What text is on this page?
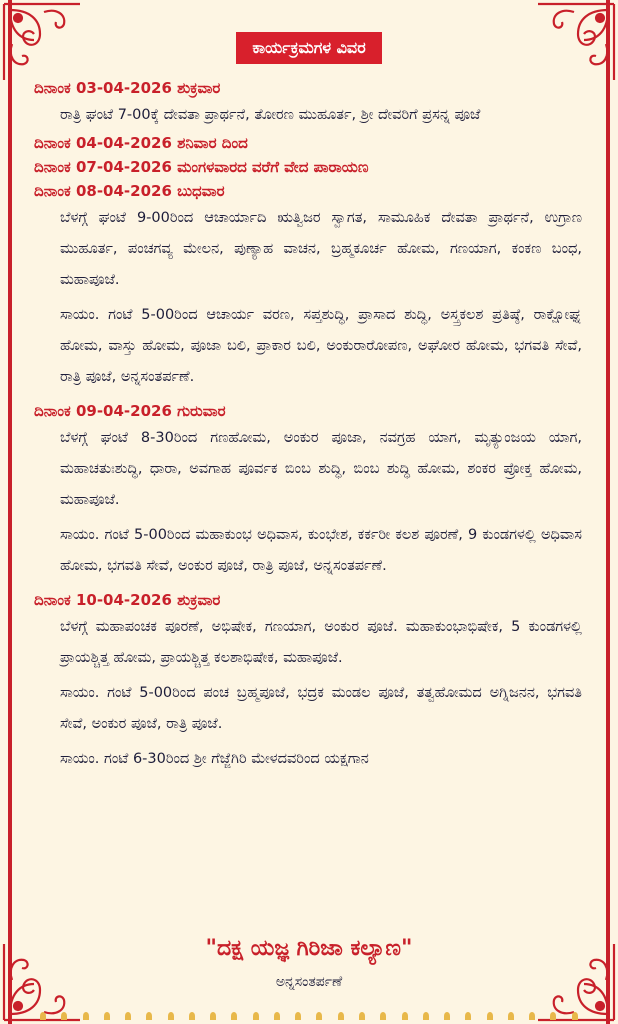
ಕಾರ್ಯಕ್ರಮಗಳ ವಿವರ
ದಿನಾಂಕ 03-04-2026 ಶುಕ್ರವಾರ
ರಾತ್ರಿ ಘಂಟೆ 7-00ಕ್ಕೆ ದೇವತಾ ಪ್ರಾರ್ಥನೆ, ತೋರಣ ಮುಹೂರ್ತ, ಶ್ರೀ ದೇವರಿಗೆ ಪ್ರಸನ್ನ ಪೂಜೆ
ದಿನಾಂಕ 04-04-2026 ಶನಿವಾರ ದಿಂದ
ದಿನಾಂಕ 07-04-2026 ಮಂಗಳವಾರದ ವರೆಗೆ ವೇದ ಪಾರಾಯಣ
ದಿನಾಂಕ 08-04-2026 ಬುಧವಾರ
ಬೆಳಗ್ಗೆ ಘಂಟೆ 9-00ರಿಂದ ಆಚಾರ್ಯಾದಿ ಋತ್ವಿಜರ ಸ್ವಾಗತ, ಸಾಮೂಹಿಕ ದೇವತಾ ಪ್ರಾರ್ಥನೆ, ಉಗ್ರಾಣ ಮುಹೂರ್ತ, ಪಂಚಗವ್ಯ ಮೇಲನ, ಪುಣ್ಯಾಹ ವಾಚನ, ಬ್ರಹ್ಮಕೂರ್ಚ ಹೋಮ, ಗಣಯಾಗ, ಕಂಕಣ ಬಂಧ, ಮಹಾಪೂಜೆ.
ಸಾಯಂ. ಗಂಟೆ 5-00ರಿಂದ ಆಚಾರ್ಯ ವರಣ, ಸಪ್ತಶುದ್ಧಿ, ಪ್ರಾಸಾದ ಶುದ್ಧಿ, ಅಸ್ತ್ರಕಲಶ ಪ್ರತಿಷ್ಠೆ, ರಾಕ್ಷೋಘ್ನ ಹೋಮ, ವಾಸ್ತು ಹೋಮ, ಪೂಜಾ ಬಲಿ, ಪ್ರಾಕಾರ ಬಲಿ, ಅಂಕುರಾರೋಪಣ, ಅಘೋರ ಹೋಮ, ಭಗವತಿ ಸೇವೆ, ರಾತ್ರಿ ಪೂಜೆ, ಅನ್ನಸಂತರ್ಪಣೆ.
ದಿನಾಂಕ 09-04-2026 ಗುರುವಾರ
ಬೆಳಗ್ಗೆ ಘಂಟೆ 8-30ರಿಂದ ಗಣಹೋಮ, ಅಂಕುರ ಪೂಜಾ, ನವಗ್ರಹ ಯಾಗ, ಮೃತ್ಯುಂಜಯ ಯಾಗ, ಮಹಾಚತುಃಶುದ್ಧಿ, ಧಾರಾ, ಅವಗಾಹ ಪೂರ್ವಕ ಬಿಂಬ ಶುದ್ಧಿ, ಬಿಂಬ ಶುದ್ಧಿ ಹೋಮ, ಶಂಕರ ಪ್ರೋಕ್ತ ಹೋಮ, ಮಹಾಪೂಜೆ.
ಸಾಯಂ. ಗಂಟೆ 5-00ರಿಂದ ಮಹಾಕುಂಭ ಅಧಿವಾಸ, ಕುಂಭೇಶ, ಕರ್ಕರೀ ಕಲಶ ಪೂರಣೆ, 9 ಕುಂಡಗಳಲ್ಲಿ ಅಧಿವಾಸ ಹೋಮ, ಭಗವತಿ ಸೇವೆ, ಅಂಕುರ ಪೂಜೆ, ರಾತ್ರಿ ಪೂಜೆ, ಅನ್ನಸಂತರ್ಪಣೆ.
ದಿನಾಂಕ 10-04-2026 ಶುಕ್ರವಾರ
ಬೆಳಗ್ಗೆ ಮಹಾಪಂಚಕ ಪೂರಣೆ, ಅಭಿಷೇಕ, ಗಣಯಾಗ, ಅಂಕುರ ಪೂಜೆ. ಮಹಾಕುಂಭಾಭಿಷೇಕ, 5 ಕುಂಡಗಳಲ್ಲಿ ಪ್ರಾಯಶ್ಚಿತ್ತ ಹೋಮ, ಪ್ರಾಯಶ್ಚಿತ್ತ ಕಲಶಾಭಿಷೇಕ, ಮಹಾಪೂಜೆ.
ಸಾಯಂ. ಗಂಟೆ 5-00ರಿಂದ ಪಂಚ ಬ್ರಹ್ಮಪೂಜೆ, ಭದ್ರಕ ಮಂಡಲ ಪೂಜೆ, ತತ್ವಹೋಮದ ಅಗ್ನಿಜನನ, ಭಗವತಿ ಸೇವೆ, ಅಂಕುರ ಪೂಜೆ, ರಾತ್ರಿ ಪೂಜೆ.
ಸಾಯಂ. ಗಂಟೆ 6-30ರಿಂದ ಶ್ರೀ ಗೆಜ್ಜೆಗಿರಿ ಮೇಳದವರಿಂದ ಯಕ್ಷಗಾನ
"ದಕ್ಷ ಯಜ್ಞ ಗಿರಿಜಾ ಕಲ್ಯಾಣ"
ಅನ್ನಸಂತರ್ಪಣೆ
